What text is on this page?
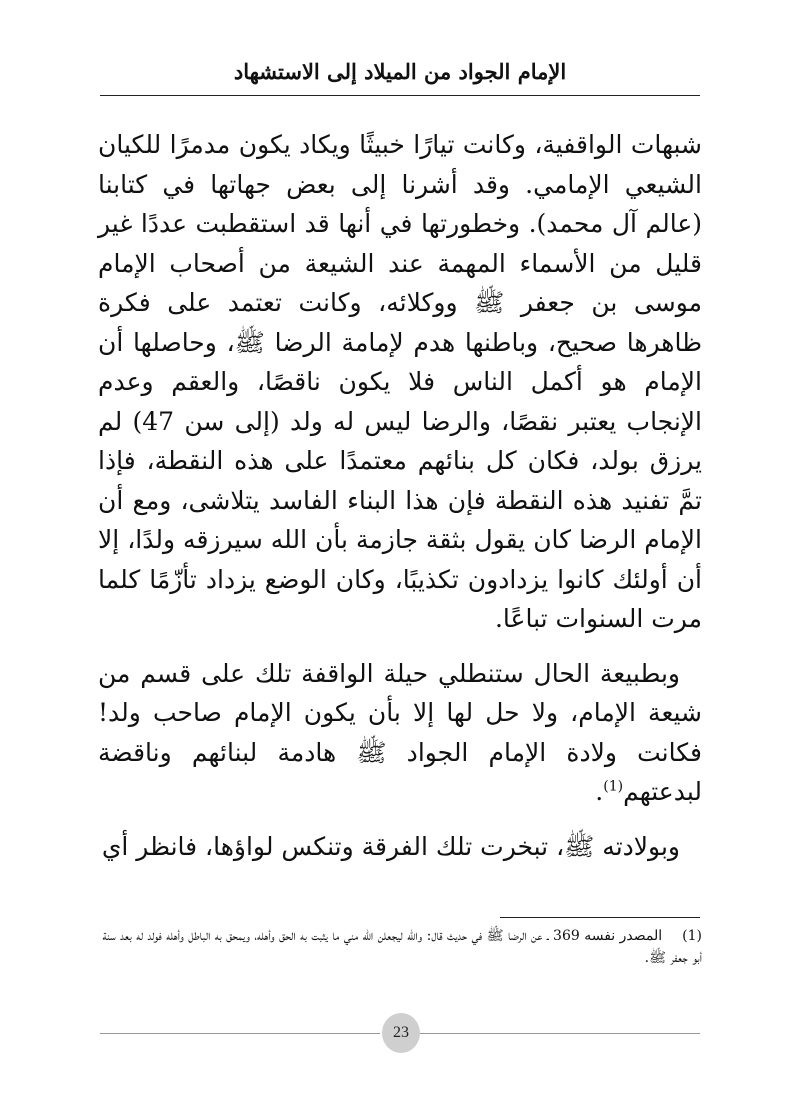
الإمام الجواد من الميلاد إلى الاستشهاد

شبهات الواقفية، وكانت تيارًا خبيثًا ويكاد يكون مدمرًا للكيان الشيعي الإمامي. وقد أشرنا إلى بعض جهاتها في كتابنا (عالم آل محمد). وخطورتها في أنها قد استقطبت عددًا غير قليل من الأسماء المهمة عند الشيعة من أصحاب الإمام موسى بن جعفر ﷺ ووكلائه، وكانت تعتمد على فكرة ظاهرها صحيح، وباطنها هدم لإمامة الرضا ﷺ، وحاصلها أن الإمام هو أكمل الناس فلا يكون ناقصًا، والعقم وعدم الإنجاب يعتبر نقصًا، والرضا ليس له ولد (إلى سن 47) لم يرزق بولد، فكان كل بنائهم معتمدًا على هذه النقطة، فإذا تمَّ تفنيد هذه النقطة فإن هذا البناء الفاسد يتلاشى، ومع أن الإمام الرضا كان يقول بثقة جازمة بأن الله سيرزقه ولدًا، إلا أن أولئك كانوا يزدادون تكذيبًا، وكان الوضع يزداد تأزّمًا كلما مرت السنوات تباعًا.

وبطبيعة الحال ستنطلي حيلة الواقفة تلك على قسم من شيعة الإمام، ولا حل لها إلا بأن يكون الإمام صاحب ولد! فكانت ولادة الإمام الجواد ﷺ هادمة لبنائهم وناقضة لبدعتهم$^{(1)}$.

وبولادته ﷺ، تبخرت تلك الفرقة وتنكس لواؤها، فانظر أي

(1)المصدر نفسه 369 ـ عن الرضا ﷺ في حديث قال: والله ليجعلن الله مني ما يثبت به الحق وأهله، ويمحق به الباطل وأهله فولد له بعد سنة أبو جعفر ﷺ.
23
